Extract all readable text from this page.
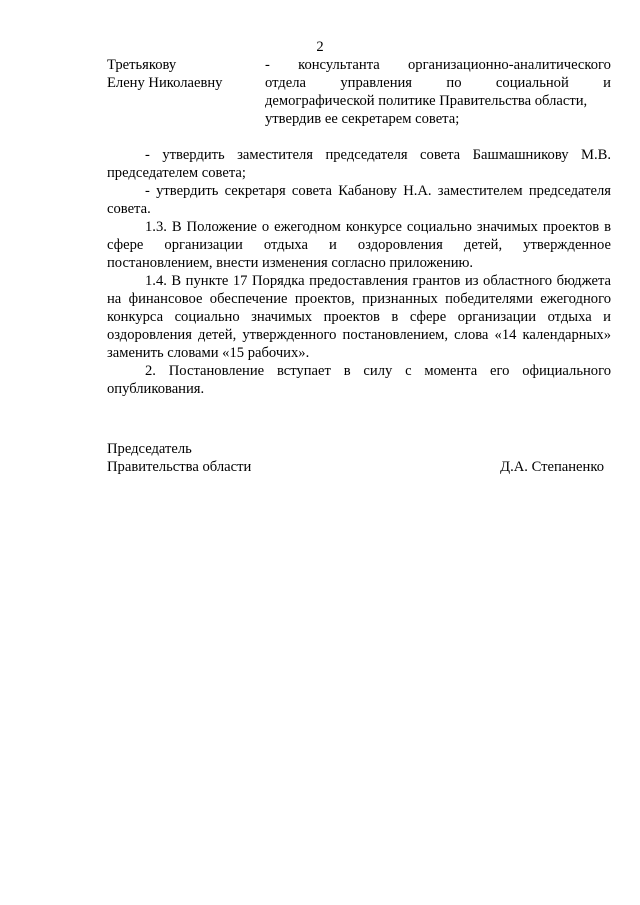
2
Третьякову
Елену Николаевну
- консультанта организационно-аналитического
отдела управления по социальной и
демографической политике Правительства области,
утвердив ее секретарем совета;

- утвердить заместителя председателя совета Башмашникову М.В. председателем совета;

- утвердить секретаря совета Кабанову Н.А. заместителем председателя совета.

1.3. В Положение о ежегодном конкурсе социально значимых проектов в сфере организации отдыха и оздоровления детей, утвержденное постановлением, внести изменения согласно приложению.

1.4. В пункте 17 Порядка предоставления грантов из областного бюджета на финансовое обеспечение проектов, признанных победителями ежегодного конкурса социально значимых проектов в сфере организации отдыха и оздоровления детей, утвержденного постановлением, слова «14 календарных» заменить словами «15 рабочих».

2. Постановление вступает в силу с момента его официального опубликования.

Председатель
Правительства области	Д.А. Степаненко
